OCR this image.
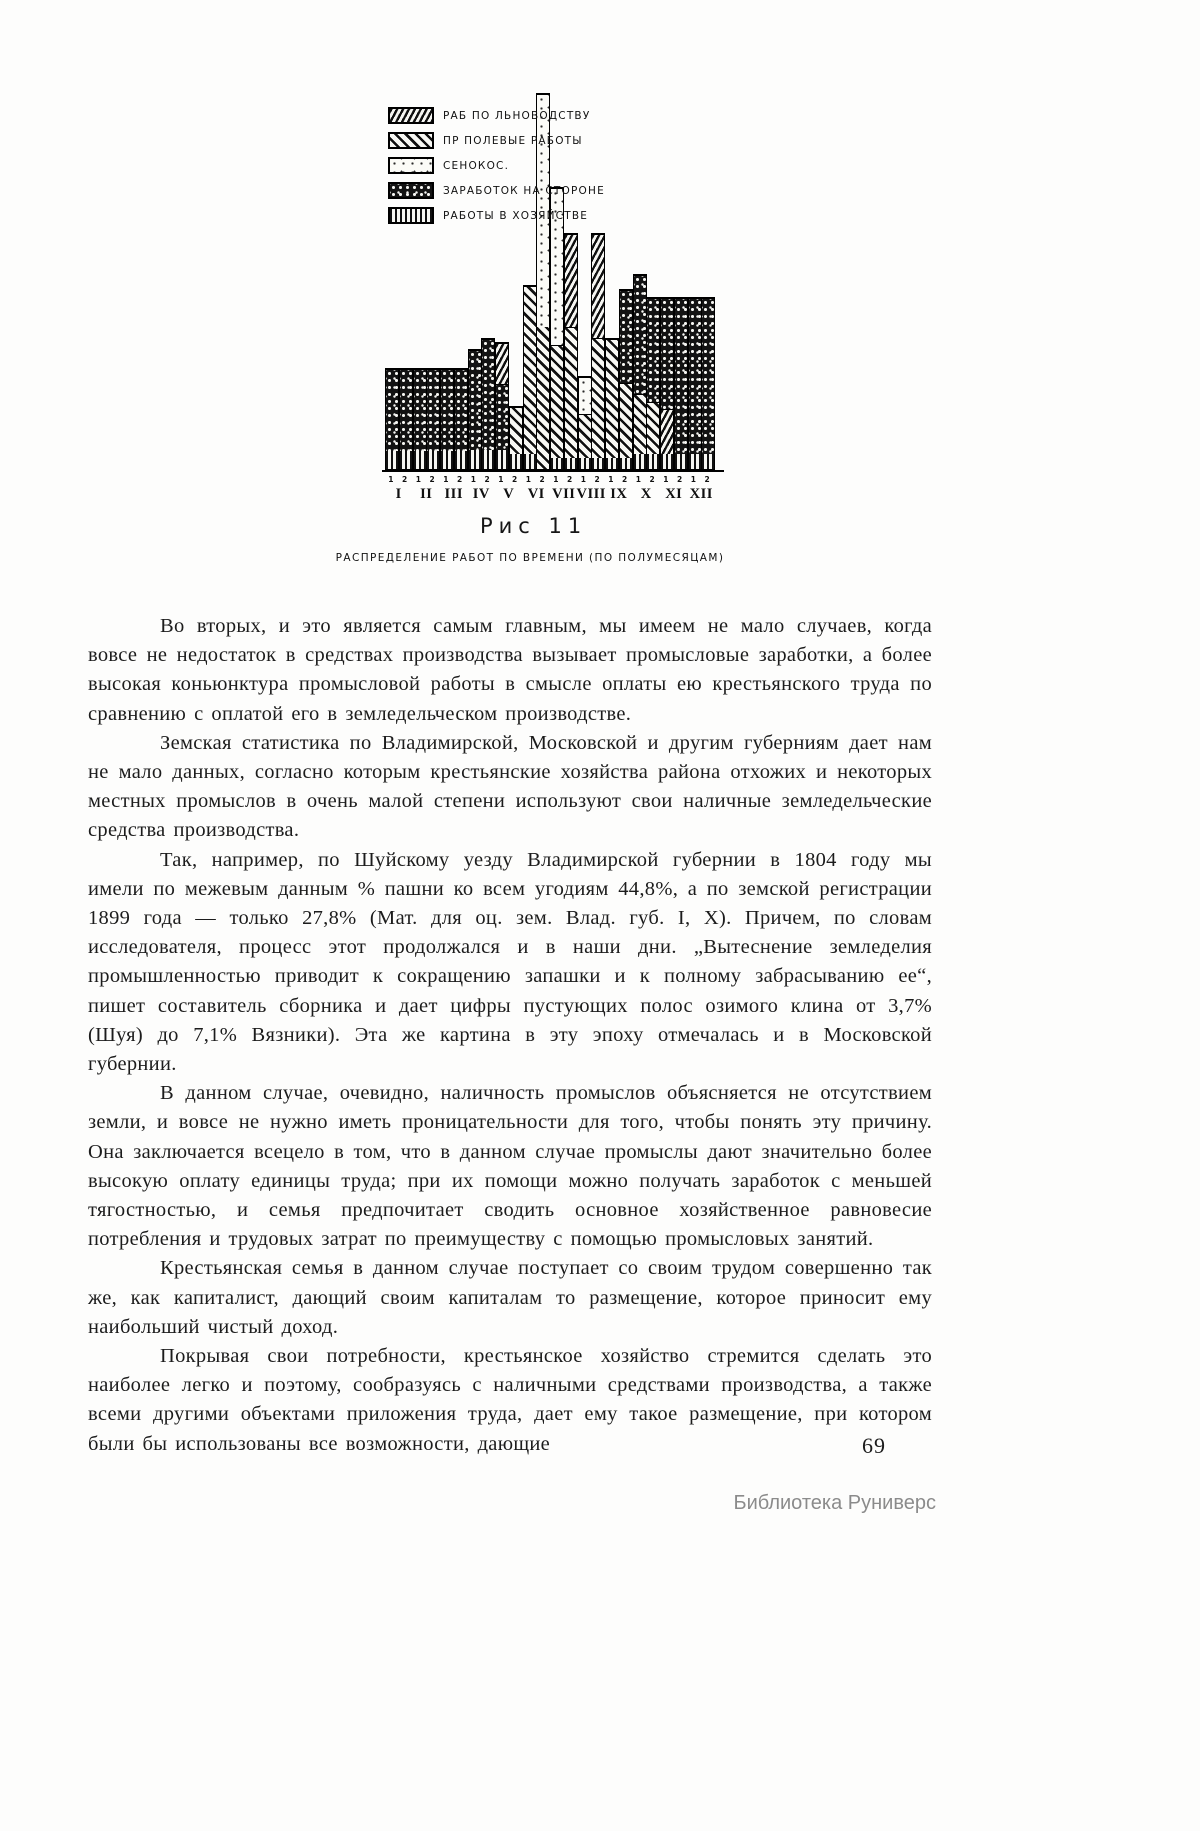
РАБ ПО ЛЬНОВОДСТВУ
ПР ПОЛЕВЫЕ РАБОТЫ
СЕНОКОС.
ЗАРАБОТОК НА СТОРОНЕ
РАБОТЫ В ХОЗЯЙСТВЕ
1 2 1 2 1 2 1 2 1 2 1 2 1 2 1 2 1 2 1 2 1 2 1 2
I II III IV V VI VII VIII IX X XI XII
Рис 11
РАСПРЕДЕЛЕНИЕ РАБОТ ПО ВРЕМЕНИ (ПО ПОЛУМЕСЯЦАМ)

Во вторых, и это является самым главным, мы имеем не мало случаев, когда вовсе не недостаток в средствах производства вызывает промысловые заработки, а более высокая коньюнктура промысловой работы в смысле оплаты ею крестьянского труда по сравнению с оплатой его в земледельческом производстве.

Земская статистика по Владимирской, Московской и другим губерниям дает нам не мало данных, согласно которым крестьянские хозяйства района отхожих и некоторых местных промыслов в очень малой степени используют свои наличные земледельческие средства производства.

Так, например, по Шуйскому уезду Владимирской губернии в 1804 году мы имели по межевым данным % пашни ко всем угодиям 44,8%, а по земской регистрации 1899 года — только 27,8% (Мат. для оц. зем. Влад. губ. I, X). Причем, по словам исследователя, процесс этот продолжался и в наши дни. „Вытеснение земледелия промышленностью приводит к сокращению запашки и к полному забрасыванию ее“, пишет составитель сборника и дает цифры пустующих полос озимого клина от 3,7% (Шуя) до 7,1% Вязники). Эта же картина в эту эпоху отмечалась и в Московской губернии.

В данном случае, очевидно, наличность промыслов объясняется не отсутствием земли, и вовсе не нужно иметь проницательности для того, чтобы понять эту причину. Она заключается всецело в том, что в данном случае промыслы дают значительно более высокую оплату единицы труда; при их помощи можно получать заработок с меньшей тягостностью, и семья предпочитает сводить основное хозяйственное равновесие потребления и трудовых затрат по преимуществу с помощью промысловых занятий.

Крестьянская семья в данном случае поступает со своим трудом совершенно так же, как капиталист, дающий своим капиталам то размещение, которое приносит ему наибольший чистый доход.

Покрывая свои потребности, крестьянское хозяйство стремится сделать это наиболее легко и поэтому, сообразуясь с наличными средствами производства, а также всеми другими объектами приложения труда, дает ему такое размещение, при котором были бы использованы все возможности, дающие	69
Библиотека Руниверс
